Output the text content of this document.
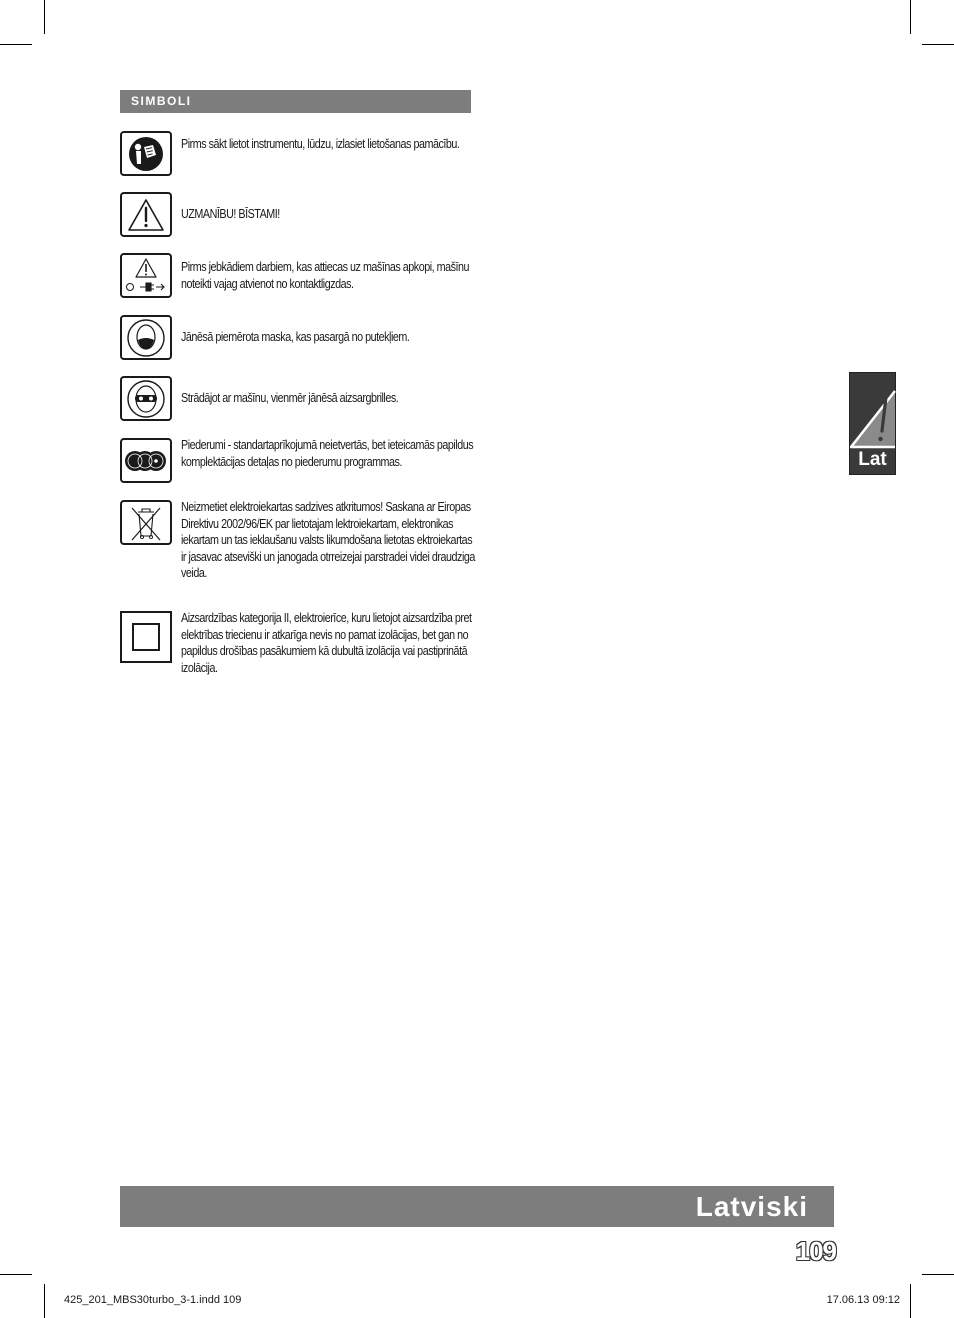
SIMBOLI

Pirms sākt lietot instrumentu, lūdzu, izlasiet lietošanas pamācību.

UZMANĪBU! BĪSTAMI!

Pirms jebkādiem darbiem, kas attiecas uz mašīnas apkopi, mašīnu noteikti vajag atvienot no kontaktligzdas.

Jānēsā piemērota maska, kas pasargā no putekļiem.

Strādājot ar mašīnu, vienmēr jānēsā aizsargbrilles.

Piederumi - standartaprīkojumā neietvertās, bet ieteicamās papildus komplektācijas detaļas no piederumu programmas.

Neizmetiet elektroiekartas sadzives atkritumos! Saskana ar Eiropas Direktivu 2002/96/EK par lietotajam lektroiekartam, elektronikas iekartam un tas ieklaušanu valsts likumdošana lietotas ektroiekartas ir jasavac atseviški un janogada otrreizejai parstradei videi draudziga veida.

Aizsardzības kategorija II, elektroierīce, kuru lietojot aizsardzība pret elektrības triecienu ir atkarīga nevis no pamat izolācijas, bet gan no papildus drošības pasākumiem kā dubultā izolācija vai pastiprinātā izolācija.

Lat
Latviski
109
425_201_MBS30turbo_3-1.indd 109	17.06.13 09:12
